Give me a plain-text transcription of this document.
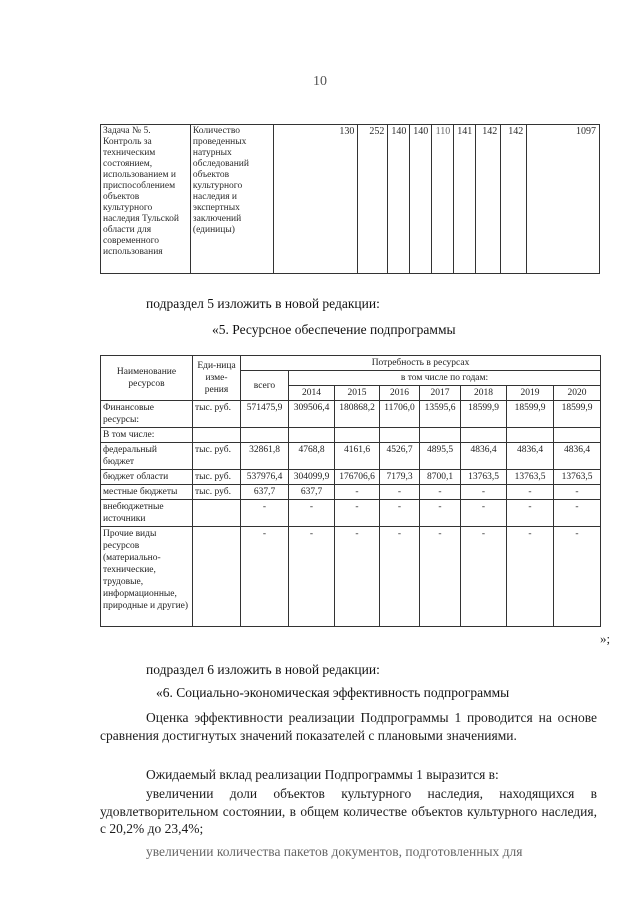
10
Задача № 5. Контроль за техническим состоянием, использованием и приспособлением объектов культурного наследия Тульской области для современного использования	Количество проведенных натурных обследований объектов культурного наследия и экспертных заключений (единицы)	130	252	140	140	110	141	142	142	1097
подраздел 5 изложить в новой редакции:
«5. Ресурсное обеспечение подпрограммы
Наименование ресурсов	Еди-ница изме-рения	Потребность в ресурсах							
		всего	в том числе по годам:						
			2014	2015	2016	2017	2018	2019	2020
Финансовые ресурсы:	тыс. руб.	571475,9	309506,4	180868,2	11706,0	13595,6	18599,9	18599,9	18599,9
В том числе:									
федеральный бюджет	тыс. руб.	32861,8	4768,8	4161,6	4526,7	4895,5	4836,4	4836,4	4836,4
бюджет области	тыс. руб.	537976,4	304099,9	176706,6	7179,3	8700,1	13763,5	13763,5	13763,5
местные бюджеты	тыс. руб.	637,7	637,7	-	-	-	-	-	-
внебюджетные источники		-	-	-	-	-	-	-	-
Прочие виды ресурсов (материально-технические, трудовые, информационные, природные и другие)		-	-	-	-	-	-	-	-
»;
подраздел 6 изложить в новой редакции:
«6. Социально-экономическая эффективность подпрограммы

Оценка эффективности реализации Подпрограммы 1 проводится на основе сравнения достигнутых значений показателей с плановыми значениями.

Ожидаемый вклад реализации Подпрограммы 1 выразится в:

увеличении доли объектов культурного наследия, находящихся в удовлетворительном состоянии, в общем количестве объектов культурного наследия, с 20,2% до 23,4%;

увеличении количества пакетов документов, подготовленных для
